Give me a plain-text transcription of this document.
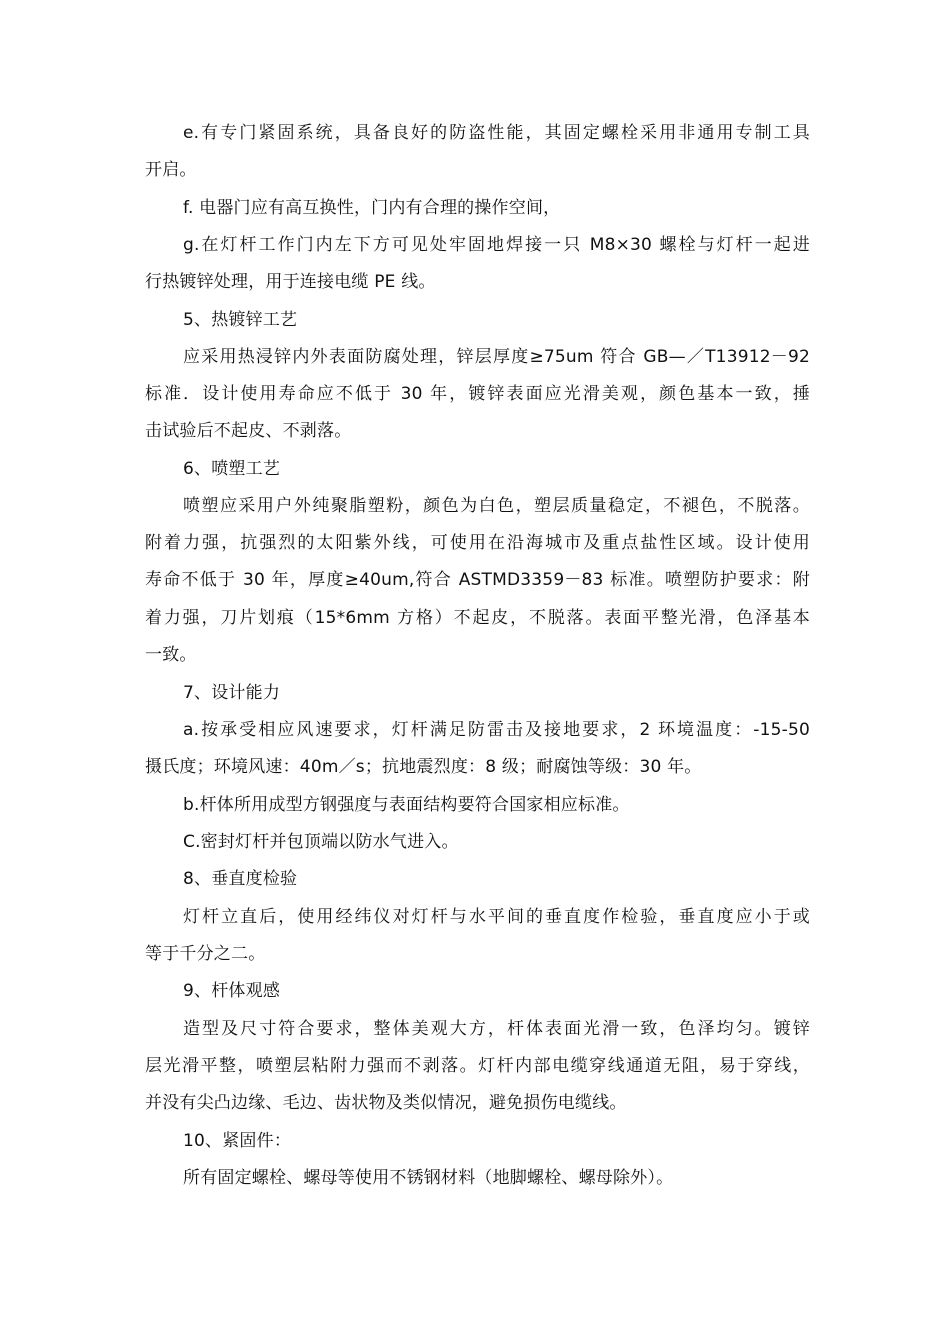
e.有专门紧固系统，具备良好的防盗性能，其固定螺栓采用非通用专制工具
开启。
f. 电器门应有高互换性，门内有合理的操作空间，
g.在灯杆工作门内左下方可见处牢固地焊接一只 M8×30 螺栓与灯杆一起进
行热镀锌处理，用于连接电缆 PE 线。
5、热镀锌工艺
应采用热浸锌内外表面防腐处理，锌层厚度≥75um 符合 GB—／T13912－92
标准．设计使用寿命应不低于 30 年，镀锌表面应光滑美观，颜色基本一致，捶
击试验后不起皮、不剥落。
6、喷塑工艺
喷塑应采用户外纯聚脂塑粉，颜色为白色，塑层质量稳定，不褪色，不脱落。
附着力强，抗强烈的太阳紫外线，可使用在沿海城市及重点盐性区域。设计使用
寿命不低于 30 年，厚度≥40um,符合 ASTMD3359－83 标准。喷塑防护要求：附
着力强，刀片划痕（15*6mm 方格）不起皮，不脱落。表面平整光滑，色泽基本
一致。
7、设计能力
a.按承受相应风速要求，灯杆满足防雷击及接地要求，2 环境温度：-15-50
摄氏度；环境风速：40m／s；抗地震烈度：8 级；耐腐蚀等级：30 年。
b.杆体所用成型方钢强度与表面结构要符合国家相应标准。
C.密封灯杆并包顶端以防水气进入。
8、垂直度检验
灯杆立直后，使用经纬仪对灯杆与水平间的垂直度作检验，垂直度应小于或
等于千分之二。
9、杆体观感
造型及尺寸符合要求，整体美观大方，杆体表面光滑一致，色泽均匀。镀锌
层光滑平整，喷塑层粘附力强而不剥落。灯杆内部电缆穿线通道无阻，易于穿线，
并没有尖凸边缘、毛边、齿状物及类似情况，避免损伤电缆线。
10、紧固件：
所有固定螺栓、螺母等使用不锈钢材料（地脚螺栓、螺母除外）。
